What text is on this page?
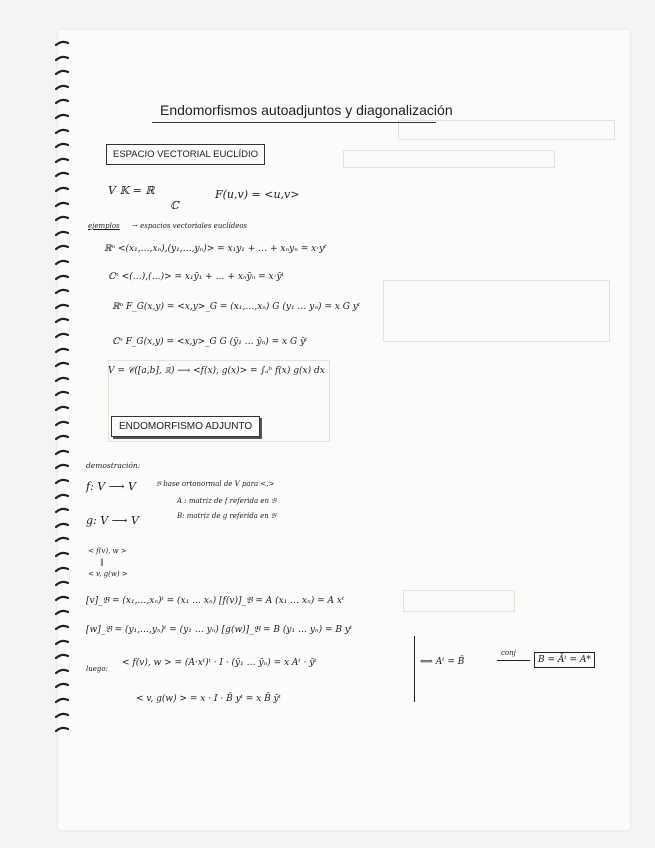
Endomorfismos autoadjuntos y diagonalización
ESPACIO VECTORIAL EUCLÍDIO
V 𝕂 = ℝ
ℂ
F(u,v) = <u,v>
ejemplos → espacios vectoriales euclídeos
ℝⁿ <(x₁,…,xₙ),(y₁,…,yₙ)> = x₁y₁ + … + xₙyₙ = x·yᵗ
ℂⁿ <(…),(…)> = x₁ȳ₁ + … + xₙȳₙ = x·ȳᵗ
ℝⁿ F_G(x,y) = <x,y>_G = (x₁,…,xₙ) G (y₁ … yₙ) = x G yᵗ
ℂⁿ F_G(x,y) = <x,y>_G G (ȳ₁ … ȳₙ) = x G ȳᵗ
V = 𝒞([a,b], ℝ) ⟶ <f(x), g(x)> = ∫ₐᵇ f(x) g(x) dx
ENDOMORFISMO ADJUNTO
demostración:
f: V ⟶ V	𝔅 base ortonormal de V para <,>
A : matriz de f referida en 𝔅
g: V ⟶ V	B: matriz de g referida en 𝔅
< f(v), w >
‖
< v, g(w) >
[v]_𝔅 = (x₁,…,xₙ)ᵗ = (x₁ … xₙ) [f(v)]_𝔅 = A (x₁ … xₙ) = A xᵗ
[w]_𝔅 = (y₁,…,yₙ)ᵗ = (y₁ … yₙ) [g(w)]_𝔅 = B (y₁ … yₙ) = B yᵗ
luego:
< f(v), w > = (A·xᵗ)ᵗ · I · (ȳ₁ … ȳₙ) = x Aᵗ · ȳᵗ
< v, g(w) > = x · I · B̄ yᵗ = x B̄ ȳᵗ
⟺ Aᵗ = B̄
conj
B = Āᵗ = A*
